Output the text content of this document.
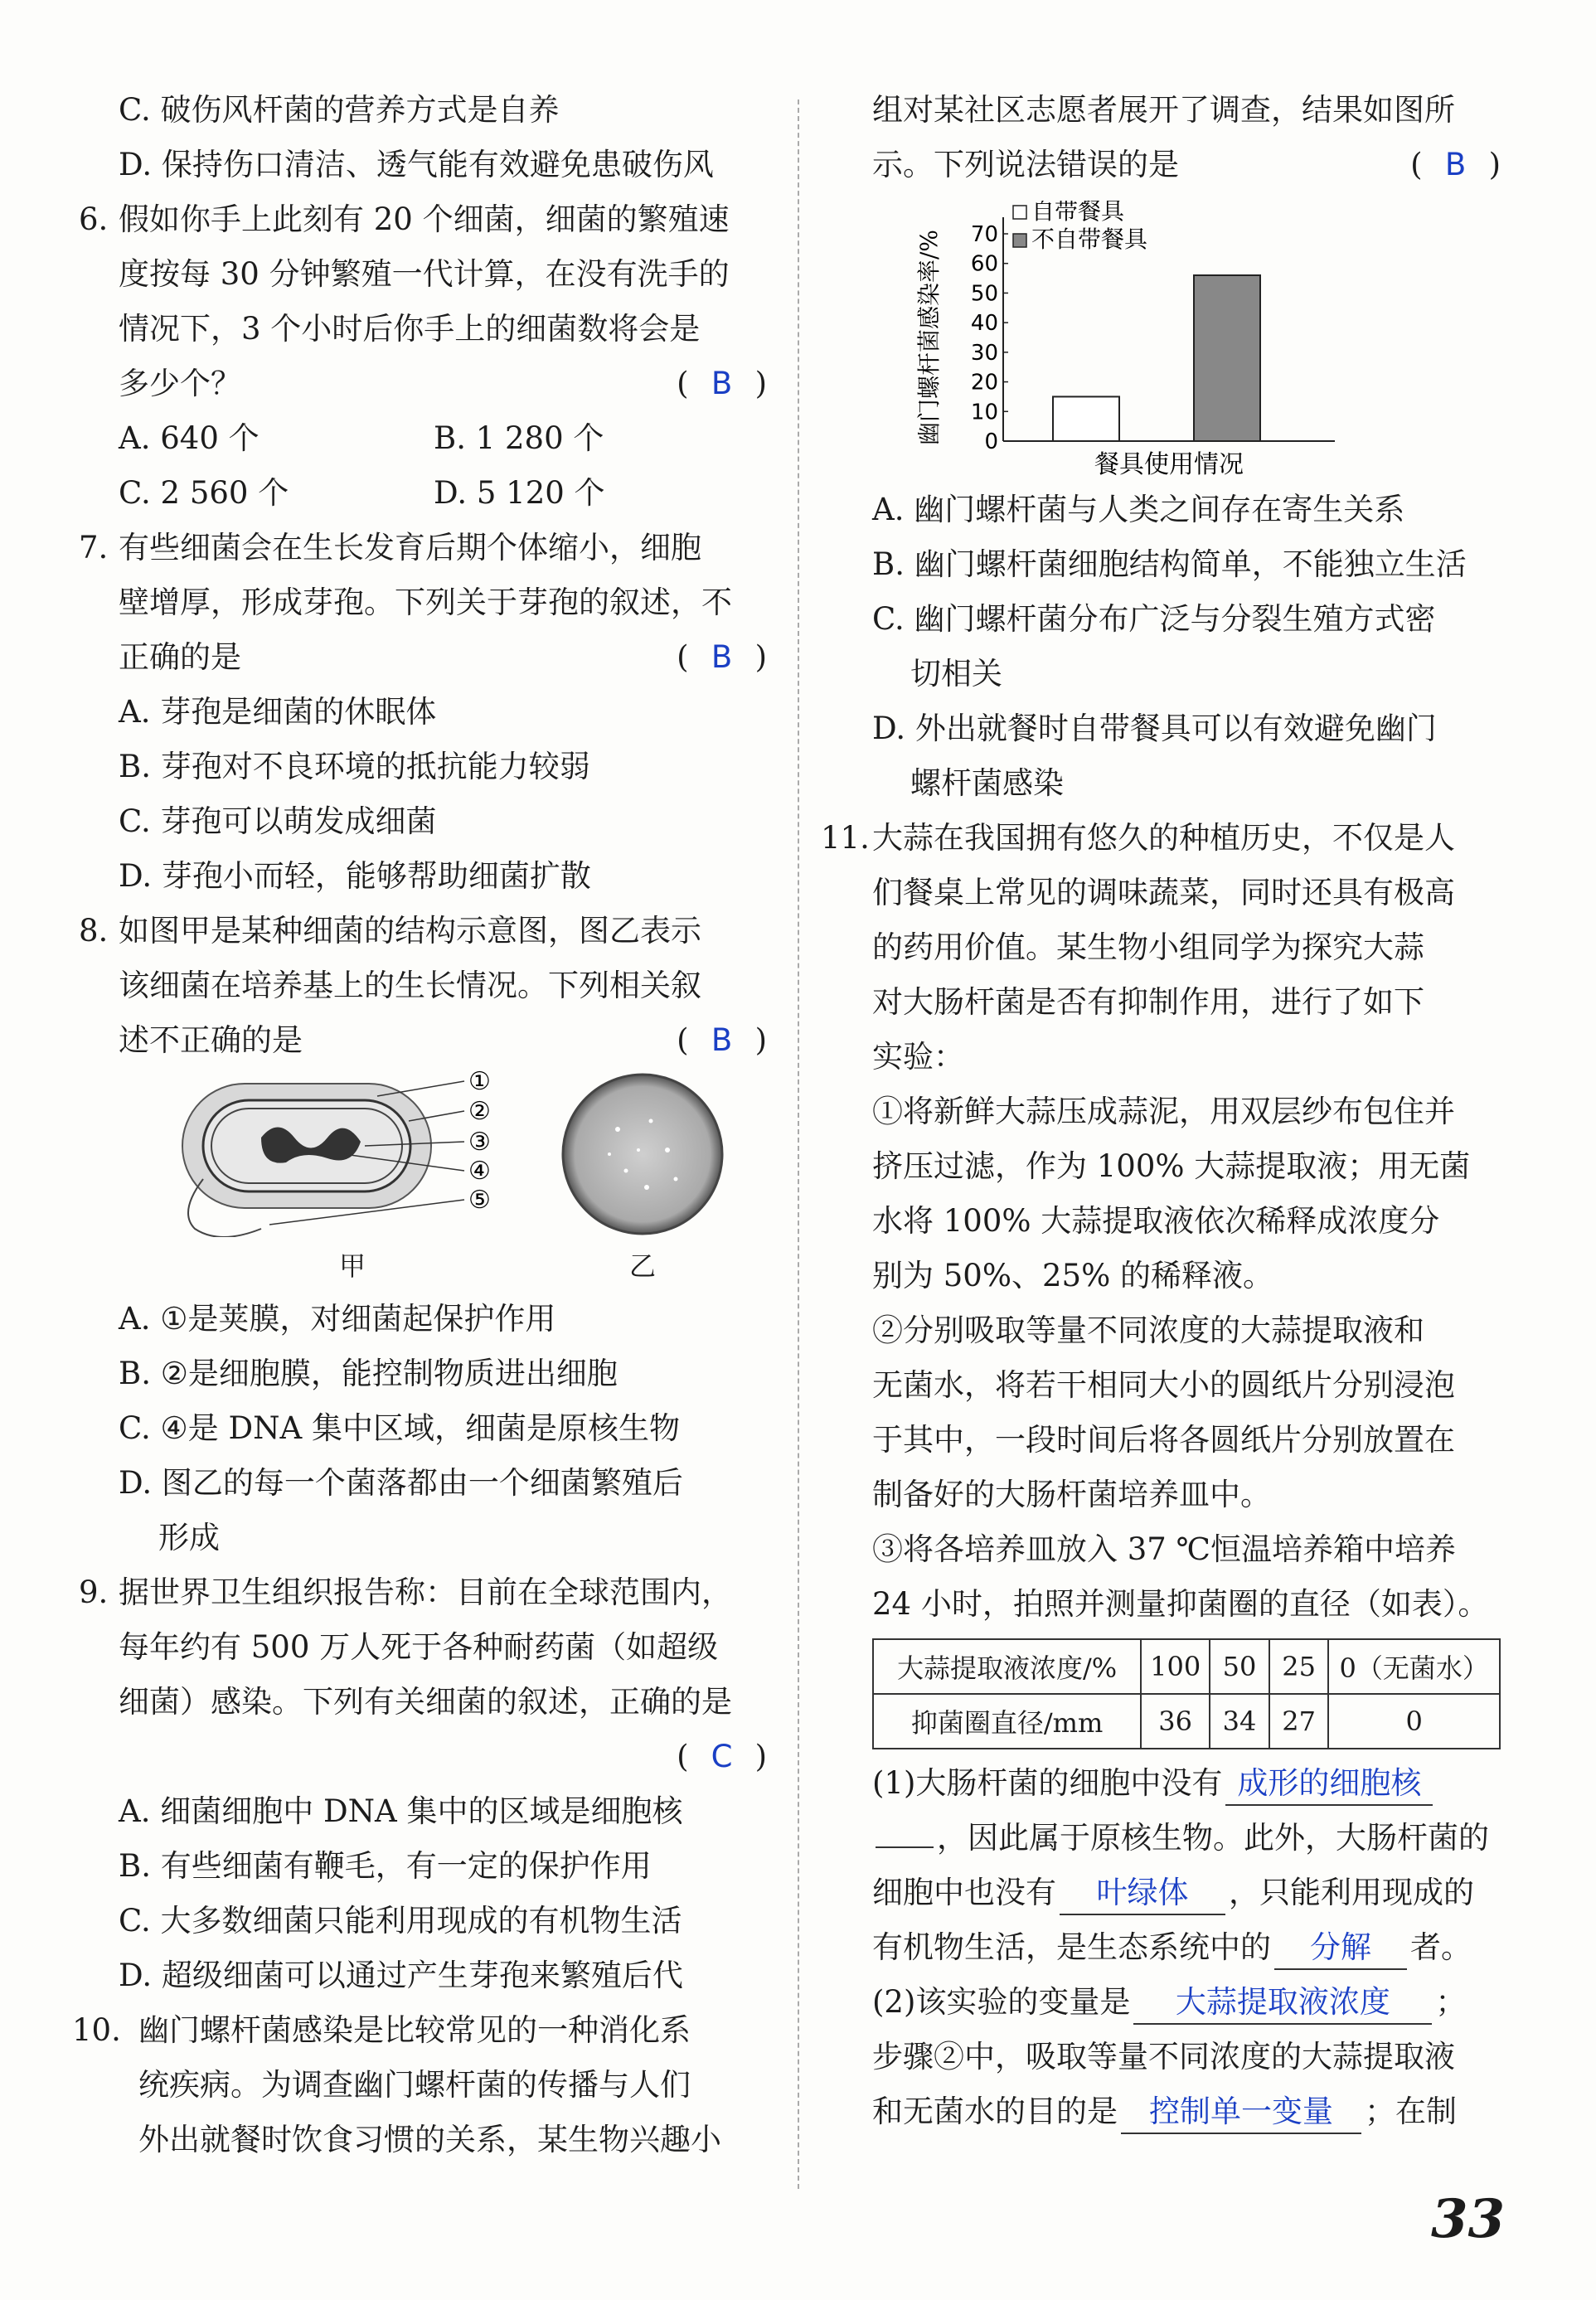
C. 破伤风杆菌的营养方式是自养
D. 保持伤口清洁、透气能有效避免患破伤风
6. 假如你手上此刻有 20 个细菌，细菌的繁殖速
度按每 30 分钟繁殖一代计算，在没有洗手的
情况下，3 个小时后你手上的细菌数将会是
多少个？	( B )
A. 640 个	B. 1 280 个
C. 2 560 个	D. 5 120 个
7. 有些细菌会在生长发育后期个体缩小，细胞
壁增厚，形成芽孢。下列关于芽孢的叙述，不
正确的是	( B )
A. 芽孢是细菌的休眠体
B. 芽孢对不良环境的抵抗能力较弱
C. 芽孢可以萌发成细菌
D. 芽孢小而轻，能够帮助细菌扩散
8. 如图甲是某种细菌的结构示意图，图乙表示
该细菌在培养基上的生长情况。下列相关叙
述不正确的是	( B )
①
②
③
④
⑤
甲	乙
A. ①是荚膜，对细菌起保护作用
B. ②是细胞膜，能控制物质进出细胞
C. ④是 DNA 集中区域，细菌是原核生物
D. 图乙的每一个菌落都由一个细菌繁殖后
形成
9. 据世界卫生组织报告称：目前在全球范围内，
每年约有 500 万人死于各种耐药菌（如超级
细菌）感染。下列有关细菌的叙述，正确的是
( C )
A. 细菌细胞中 DNA 集中的区域是细胞核
B. 有些细菌有鞭毛，有一定的保护作用
C. 大多数细菌只能利用现成的有机物生活
D. 超级细菌可以通过产生芽孢来繁殖后代
10. 幽门螺杆菌感染是比较常见的一种消化系
统疾病。为调查幽门螺杆菌的传播与人们
外出就餐时饮食习惯的关系，某生物兴趣小
组对某社区志愿者展开了调查，结果如图所
示。下列说法错误的是	( B )
幽门螺杆菌感染率/% 0
10
20
30
40
50
60
70
自带餐具
不自带餐具
餐具使用情况
A. 幽门螺杆菌与人类之间存在寄生关系
B. 幽门螺杆菌细胞结构简单，不能独立生活
C. 幽门螺杆菌分布广泛与分裂生殖方式密
切相关
D. 外出就餐时自带餐具可以有效避免幽门
螺杆菌感染
11. 大蒜在我国拥有悠久的种植历史，不仅是人
们餐桌上常见的调味蔬菜，同时还具有极高
的药用价值。某生物小组同学为探究大蒜
对大肠杆菌是否有抑制作用，进行了如下
实验：
①将新鲜大蒜压成蒜泥，用双层纱布包住并
挤压过滤，作为 100% 大蒜提取液；用无菌
水将 100% 大蒜提取液依次稀释成浓度分
别为 50%、25% 的稀释液。
②分别吸取等量不同浓度的大蒜提取液和
无菌水，将若干相同大小的圆纸片分别浸泡
于其中，一段时间后将各圆纸片分别放置在
制备好的大肠杆菌培养皿中。
③将各培养皿放入 37 ℃恒温培养箱中培养
24 小时，拍照并测量抑菌圈的直径（如表）。
大蒜提取液浓度/%	100	50	25	0（无菌水）
抑菌圈直径/mm	36	34	27	0
(1)大肠杆菌的细胞中没有 成形的细胞核
，因此属于原核生物。此外，大肠杆菌的
细胞中也没有 叶绿体 ，只能利用现成的
有机物生活，是生态系统中的 分解 者。
(2)该实验的变量是 大蒜提取液浓度 ；
步骤②中，吸取等量不同浓度的大蒜提取液
和无菌水的目的是 控制单一变量 ；在制
33
